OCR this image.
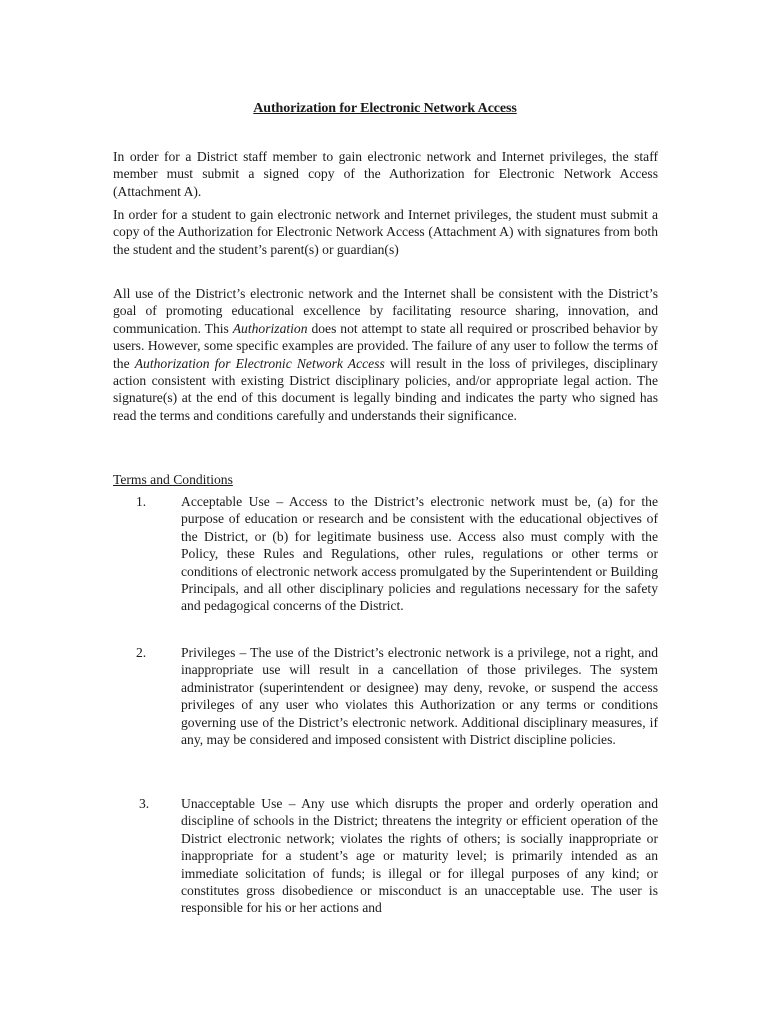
Authorization for Electronic Network Access

In order for a District staff member to gain electronic network and Internet privileges, the staff member must submit a signed copy of the Authorization for Electronic Network Access (Attachment A).

In order for a student to gain electronic network and Internet privileges, the student must submit a copy of the Authorization for Electronic Network Access (Attachment A) with signatures from both the student and the student’s parent(s) or guardian(s)

All use of the District’s electronic network and the Internet shall be consistent with the District’s goal of promoting educational excellence by facilitating resource sharing, innovation, and communication. This Authorization does not attempt to state all required or proscribed behavior by users. However, some specific examples are provided. The failure of any user to follow the terms of the Authorization for Electronic Network Access will result in the loss of privileges, disciplinary action consistent with existing District disciplinary policies, and/or appropriate legal action. The signature(s) at the end of this document is legally binding and indicates the party who signed has read the terms and conditions carefully and understands their significance.

Terms and Conditions
1.	Acceptable Use – Access to the District’s electronic network must be, (a) for the purpose of education or research and be consistent with the educational objectives of the District, or (b) for legitimate business use. Access also must comply with the Policy, these Rules and Regulations, other rules, regulations or other terms or conditions of electronic network access promulgated by the Superintendent or Building Principals, and all other disciplinary policies and regulations necessary for the safety and pedagogical concerns of the District.

2.	Privileges – The use of the District’s electronic network is a privilege, not a right, and inappropriate use will result in a cancellation of those privileges. The system administrator (superintendent or designee) may deny, revoke, or suspend the access privileges of any user who violates this Authorization or any terms or conditions governing use of the District’s electronic network. Additional disciplinary measures, if any, may be considered and imposed consistent with District discipline policies.

3. Unacceptable Use – Any use which disrupts the proper and orderly operation and discipline of schools in the District; threatens the integrity or efficient operation of the District electronic network; violates the rights of others; is socially inappropriate or inappropriate for a student’s age or maturity level; is primarily intended as an immediate solicitation of funds; is illegal or for illegal purposes of any kind; or constitutes gross disobedience or misconduct is an unacceptable use. The user is responsible for his or her actions and
